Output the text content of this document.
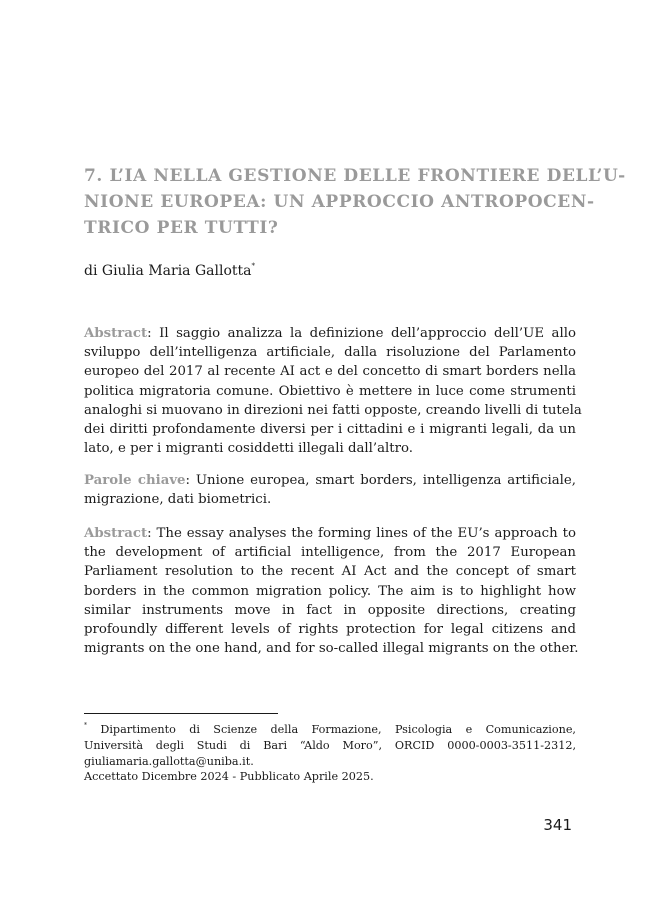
7. L’IA NELLA GESTIONE DELLE FRONTIERE DELL’U-
NIONE EUROPEA: UN APPROCCIO ANTROPOCEN-
TRICO PER TUTTI?

di Giulia Maria Gallotta*

Abstract: Il saggio analizza la definizione dell’approccio dell’UE allo
sviluppo dell’intelligenza artificiale, dalla risoluzione del Parlamento
europeo del 2017 al recente AI act e del concetto di smart borders nella
politica migratoria comune. Obiettivo è mettere in luce come strumenti
analoghi si muovano in direzioni nei fatti opposte, creando livelli di tutela
dei diritti profondamente diversi per i cittadini e i migranti legali, da un
lato, e per i migranti cosiddetti illegali dall’altro.
Parole chiave: Unione europea, smart borders, intelligenza artificiale,
migrazione, dati biometrici.
Abstract: The essay analyses the forming lines of the EU’s approach to
the development of artificial intelligence, from the 2017 European
Parliament resolution to the recent AI Act and the concept of smart
borders in the common migration policy. The aim is to highlight how
similar instruments move in fact in opposite directions, creating
profoundly different levels of rights protection for legal citizens and
migrants on the one hand, and for so-called illegal migrants on the other.
* Dipartimento di Scienze della Formazione, Psicologia e Comunicazione,
Università degli Studi di Bari “Aldo Moro”, ORCID 0000-0003-3511-2312,
giuliamaria.gallotta@uniba.it.

Accettato Dicembre 2024 - Pubblicato Aprile 2025.

341
